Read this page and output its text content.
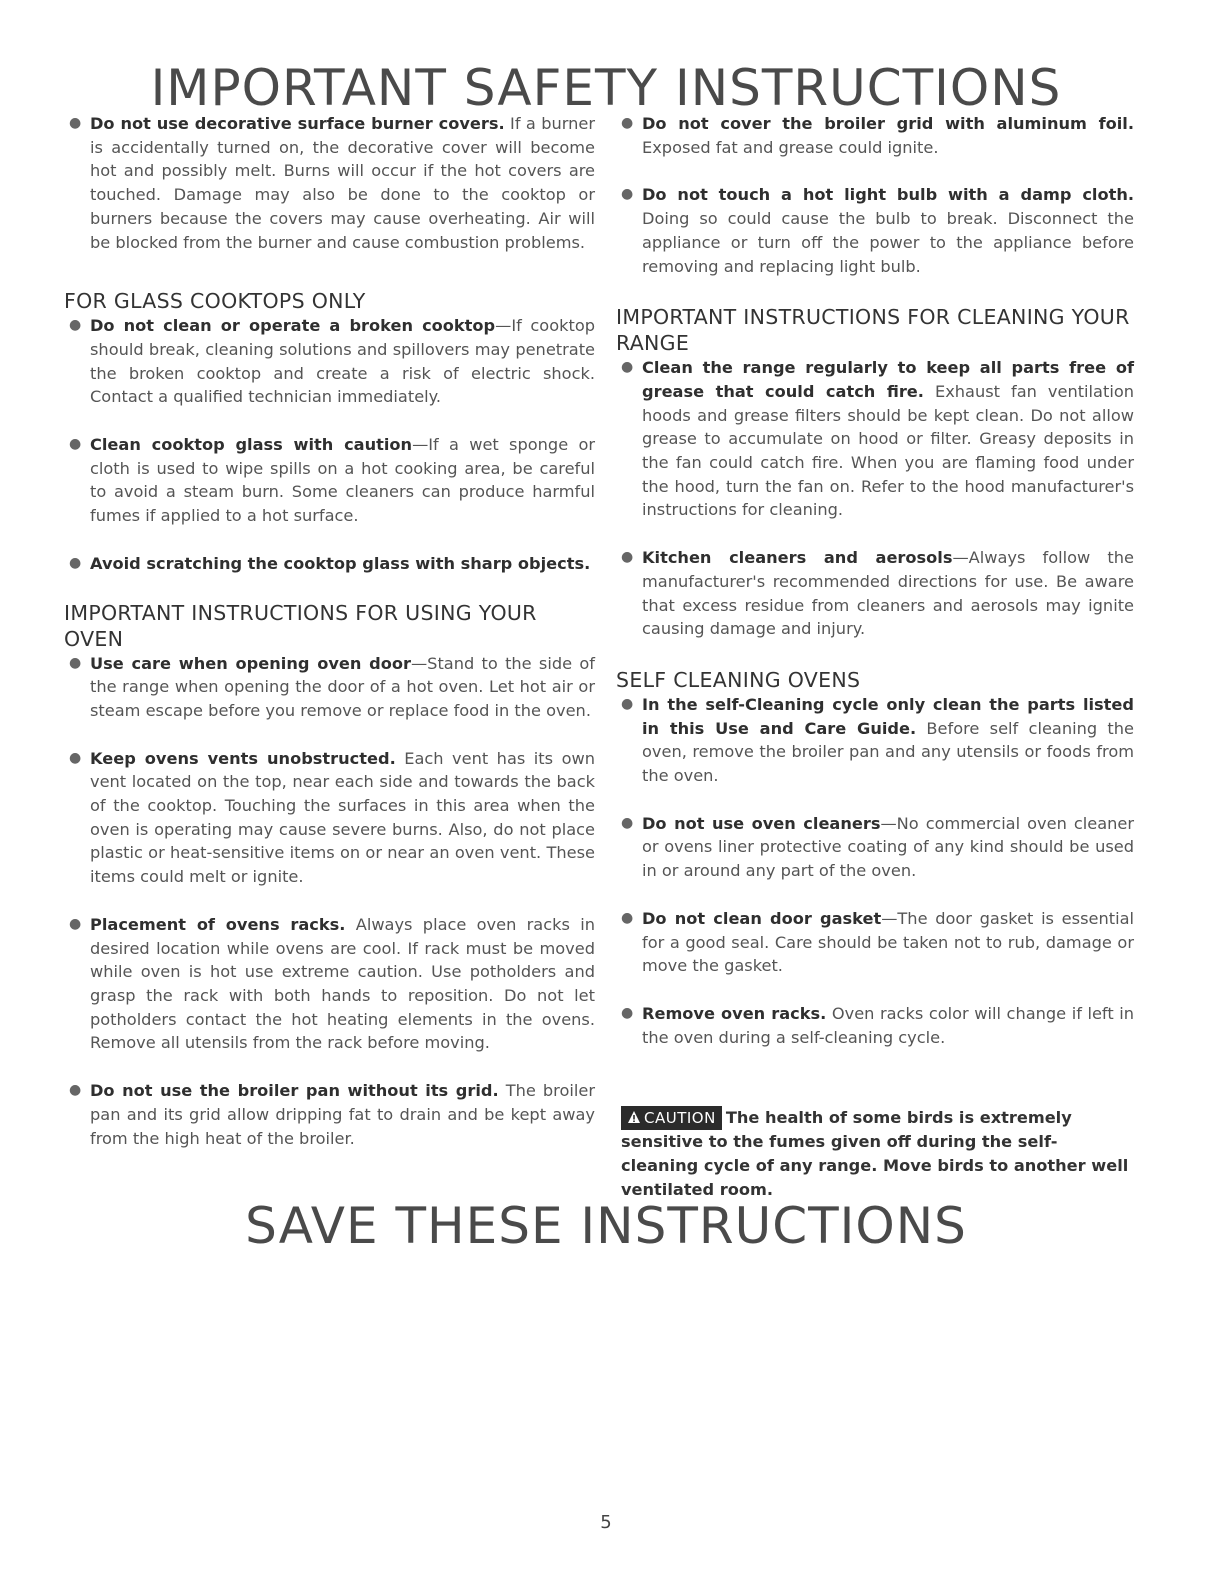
IMPORTANT SAFETY INSTRUCTIONS

● Do not use decorative surface burner covers. If a burner is accidentally turned on, the decorative cover will become hot and possibly melt. Burns will occur if the hot covers are touched. Damage may also be done to the cooktop or burners because the covers may cause overheating. Air will be blocked from the burner and cause combustion problems.

FOR GLASS COOKTOPS ONLY

● Do not clean or operate a broken cooktop—If cooktop should break, cleaning solutions and spillovers may penetrate the broken cooktop and create a risk of electric shock. Contact a qualified technician immediately.

● Clean cooktop glass with caution—If a wet sponge or cloth is used to wipe spills on a hot cooking area, be careful to avoid a steam burn. Some cleaners can produce harmful fumes if applied to a hot surface.

● Avoid scratching the cooktop glass with sharp objects.

IMPORTANT INSTRUCTIONS FOR USING YOUR OVEN

● Use care when opening oven door—Stand to the side of the range when opening the door of a hot oven. Let hot air or steam escape before you remove or replace food in the oven.

● Keep ovens vents unobstructed. Each vent has its own vent located on the top, near each side and towards the back of the cooktop. Touching the surfaces in this area when the oven is operating may cause severe burns. Also, do not place plastic or heat-sensitive items on or near an oven vent. These items could melt or ignite.

● Placement of ovens racks. Always place oven racks in desired location while ovens are cool. If rack must be moved while oven is hot use extreme caution. Use potholders and grasp the rack with both hands to reposition. Do not let potholders contact the hot heating elements in the ovens. Remove all utensils from the rack before moving.

● Do not use the broiler pan without its grid. The broiler pan and its grid allow dripping fat to drain and be kept away from the high heat of the broiler.

● Do not cover the broiler grid with aluminum foil. Exposed fat and grease could ignite.

● Do not touch a hot light bulb with a damp cloth. Doing so could cause the bulb to break. Disconnect the appliance or turn off the power to the appliance before removing and replacing light bulb.

IMPORTANT INSTRUCTIONS FOR CLEANING YOUR RANGE

● Clean the range regularly to keep all parts free of grease that could catch fire. Exhaust fan ventilation hoods and grease filters should be kept clean. Do not allow grease to accumulate on hood or filter. Greasy deposits in the fan could catch fire. When you are flaming food under the hood, turn the fan on. Refer to the hood manufacturer's instructions for cleaning.

● Kitchen cleaners and aerosols—Always follow the manufacturer's recommended directions for use. Be aware that excess residue from cleaners and aerosols may ignite causing damage and injury.

SELF CLEANING OVENS

● In the self-Cleaning cycle only clean the parts listed in this Use and Care Guide. Before self cleaning the oven, remove the broiler pan and any utensils or foods from the oven.

● Do not use oven cleaners—No commercial oven cleaner or ovens liner protective coating of any kind should be used in or around any part of the oven.

● Do not clean door gasket—The door gasket is essential for a good seal. Care should be taken not to rub, damage or move the gasket.

● Remove oven racks. Oven racks color will change if left in the oven during a self-cleaning cycle.

CAUTION The health of some birds is extremely sensitive to the fumes given off during the self-cleaning cycle of any range. Move birds to another well ventilated room.
SAVE THESE INSTRUCTIONS
5
